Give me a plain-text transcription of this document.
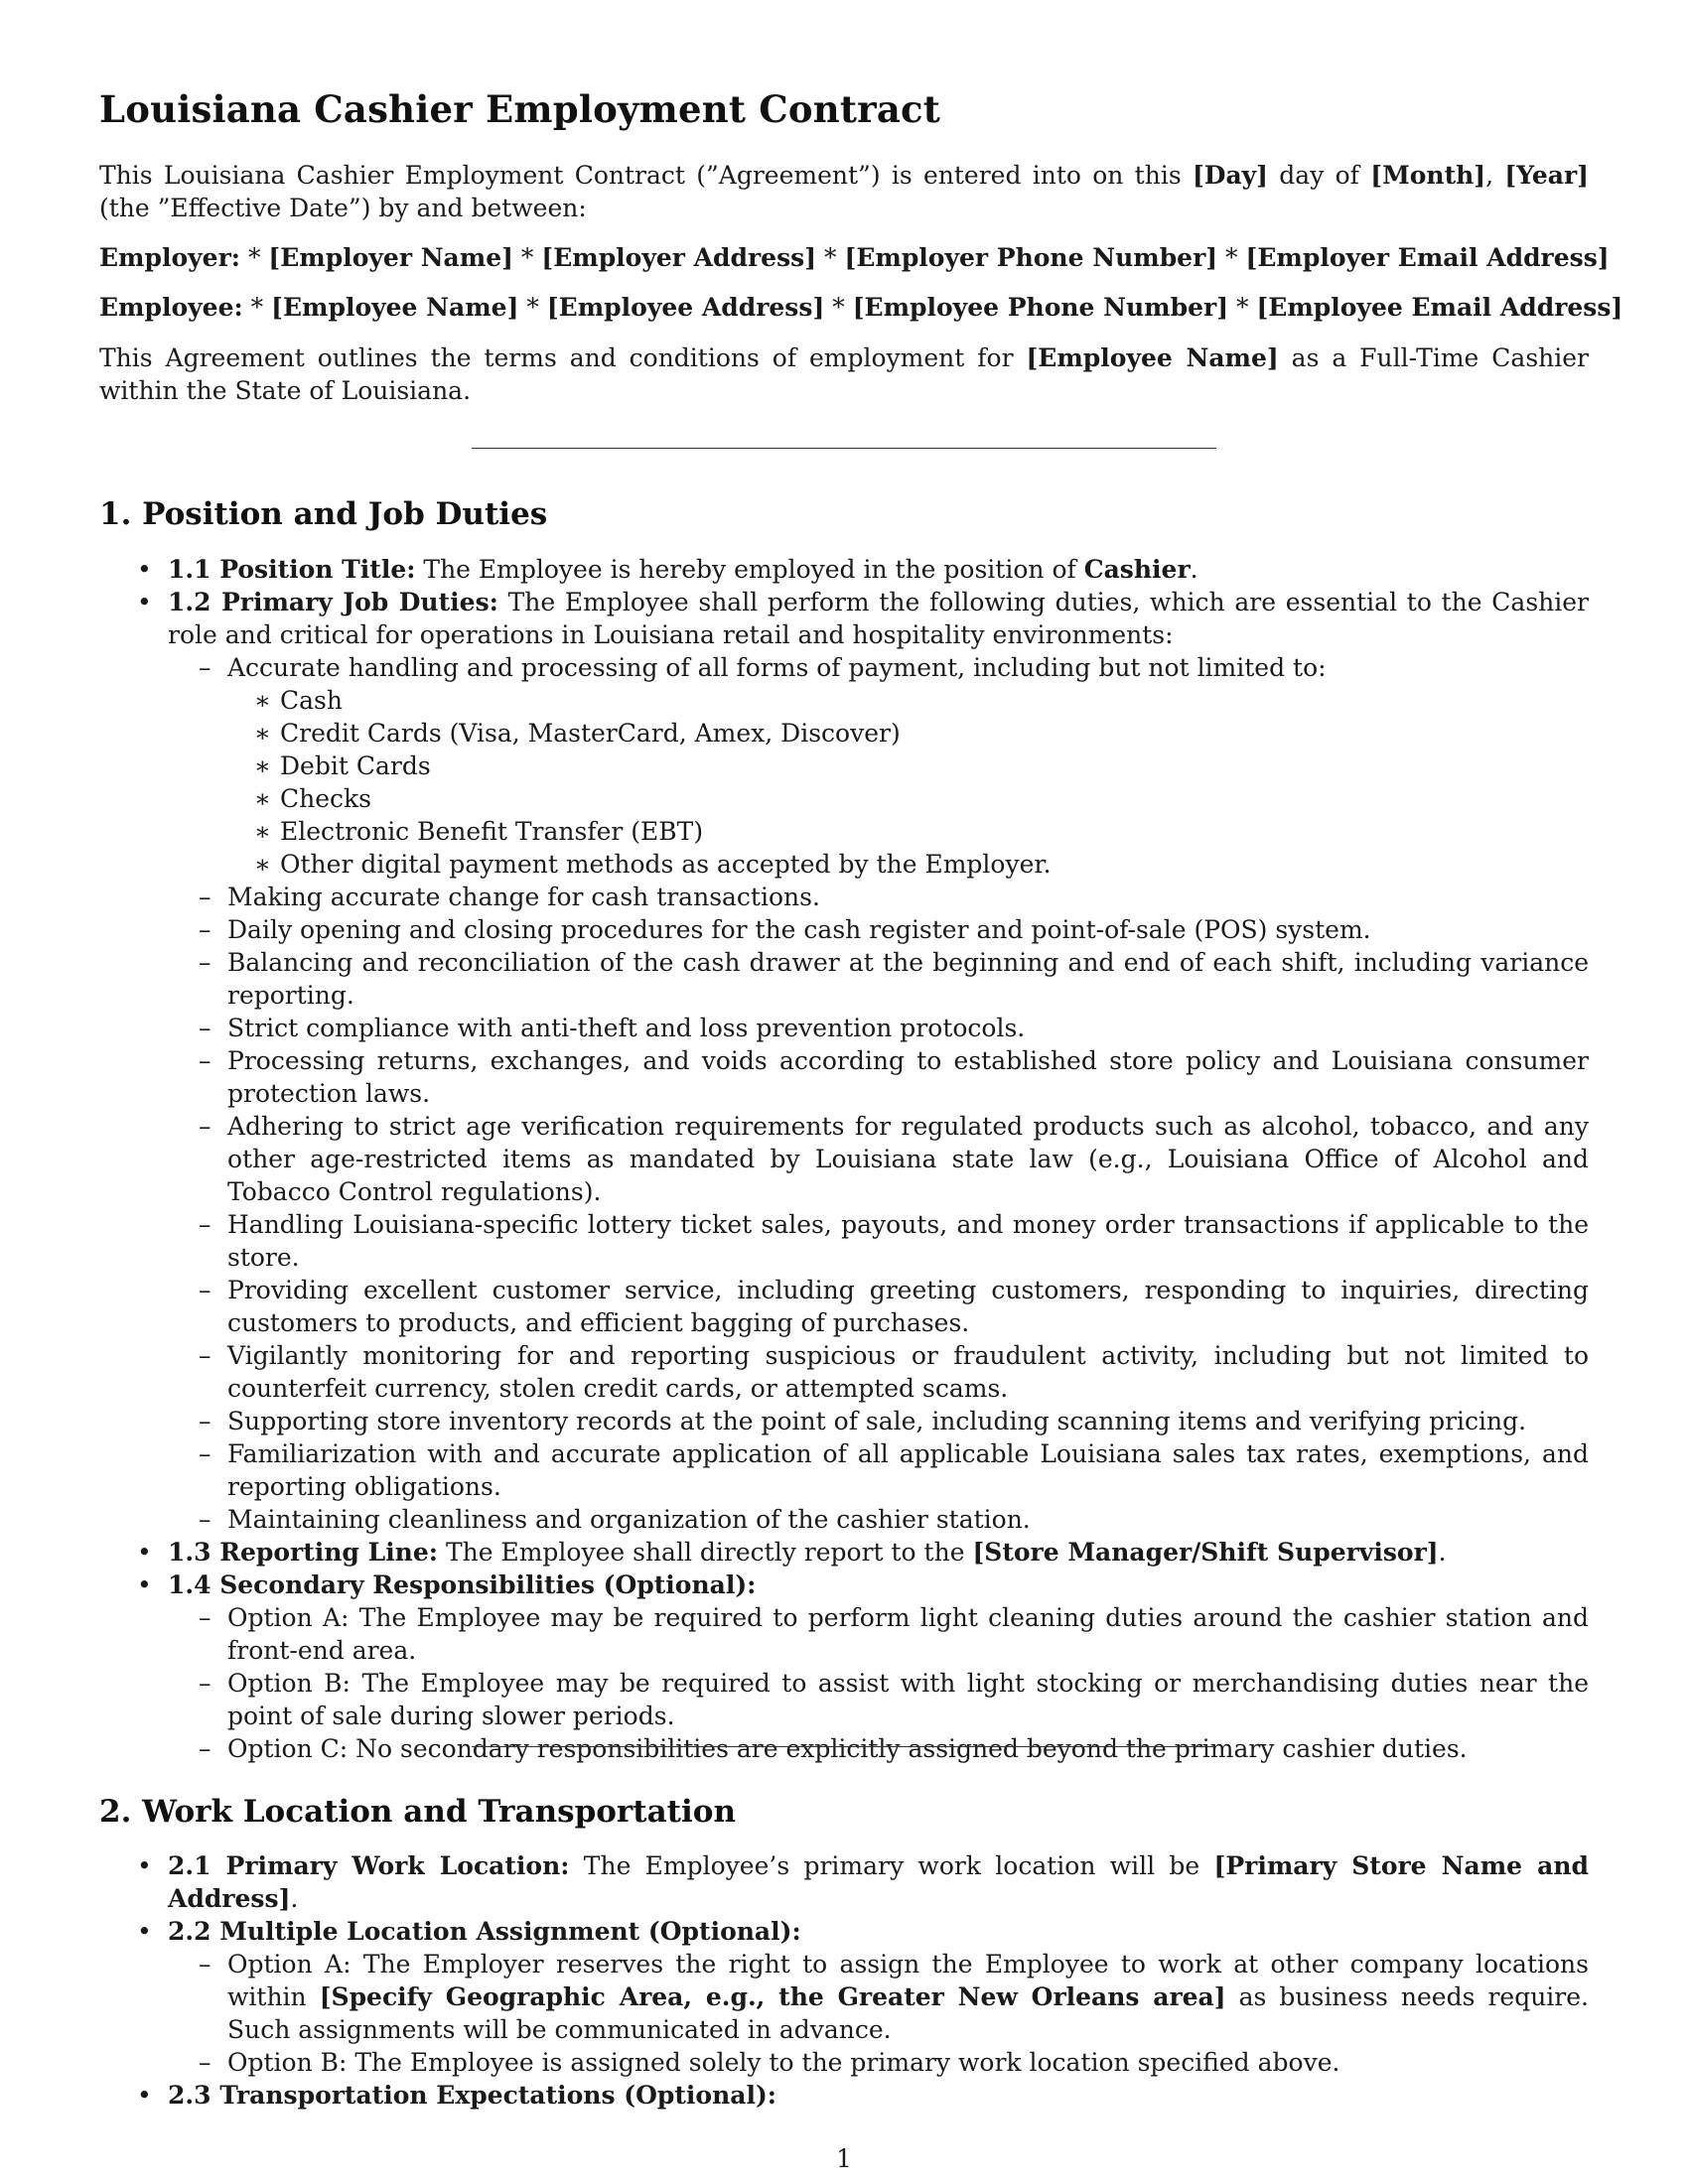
Louisiana Cashier Employment Contract

This Louisiana Cashier Employment Contract (”Agreement”) is entered into on this [Day] day of [Month], [Year] (the ”Effective Date”) by and between:

Employer: * [Employer Name] * [Employer Address] * [Employer Phone Number] * [Employer Email Address]

Employee: * [Employee Name] * [Employee Address] * [Employee Phone Number] * [Employee Email Address]

This Agreement outlines the terms and conditions of employment for [Employee Name] as a Full-Time Cashier within the State of Louisiana.

1. Position and Job Duties
• 1.1 Position Title: The Employee is hereby employed in the position of Cashier.
• 1.2 Primary Job Duties: The Employee shall perform the following duties, which are essential to the Cashier role and critical for operations in Louisiana retail and hospitality environments:
– Accurate handling and processing of all forms of payment, including but not limited to:
∗ Cash
∗ Credit Cards (Visa, MasterCard, Amex, Discover)
∗ Debit Cards
∗ Checks
∗ Electronic Benefit Transfer (EBT)
∗ Other digital payment methods as accepted by the Employer.
– Making accurate change for cash transactions.
– Daily opening and closing procedures for the cash register and point-of-sale (POS) system.
– Balancing and reconciliation of the cash drawer at the beginning and end of each shift, including variance reporting.
– Strict compliance with anti-theft and loss prevention protocols.
– Processing returns, exchanges, and voids according to established store policy and Louisiana consumer protection laws.
– Adhering to strict age verification requirements for regulated products such as alcohol, tobacco, and any other age-restricted items as mandated by Louisiana state law (e.g., Louisiana Office of Alcohol and Tobacco Control regulations).
– Handling Louisiana-specific lottery ticket sales, payouts, and money order transactions if applicable to the store.
– Providing excellent customer service, including greeting customers, responding to inquiries, directing customers to products, and efficient bagging of purchases.
– Vigilantly monitoring for and reporting suspicious or fraudulent activity, including but not limited to counterfeit currency, stolen credit cards, or attempted scams.
– Supporting store inventory records at the point of sale, including scanning items and verifying pricing.
– Familiarization with and accurate application of all applicable Louisiana sales tax rates, exemptions, and reporting obligations.
– Maintaining cleanliness and organization of the cashier station.
• 1.3 Reporting Line: The Employee shall directly report to the [Store Manager/Shift Supervisor].
• 1.4 Secondary Responsibilities (Optional):
– Option A: The Employee may be required to perform light cleaning duties around the cashier station and front-end area.
– Option B: The Employee may be required to assist with light stocking or merchandising duties near the point of sale during slower periods.
– Option C: No secondary responsibilities are explicitly assigned beyond the primary cashier duties.
2. Work Location and Transportation
• 2.1 Primary Work Location: The Employee’s primary work location will be [Primary Store Name and Address].
• 2.2 Multiple Location Assignment (Optional):
– Option A: The Employer reserves the right to assign the Employee to work at other company locations within [Specify Geographic Area, e.g., the Greater New Orleans area] as business needs require. Such assignments will be communicated in advance.
– Option B: The Employee is assigned solely to the primary work location specified above.
• 2.3 Transportation Expectations (Optional):
1
